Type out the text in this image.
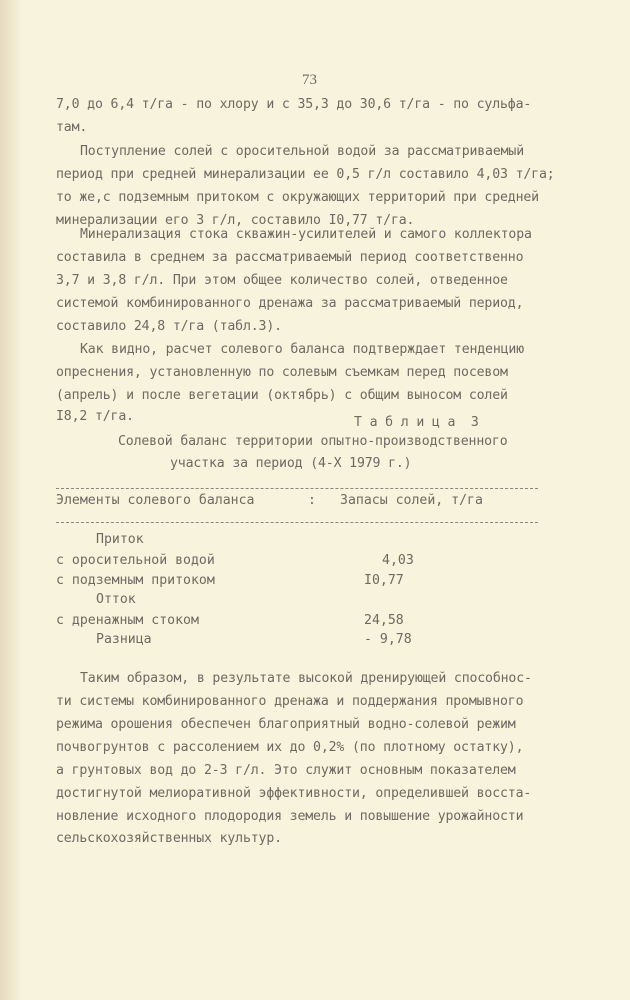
73
7,0 до 6,4 т/га - по хлору и с 35,3 до 30,6 т/га - по сульфа-
там.
Поступление солей с оросительной водой за рассматриваемый
период при средней минерализации ее 0,5 г/л составило 4,03 т/га;
то же,с подземным притоком с окружающих территорий при средней
минерализации его 3 г/л, составило I0,77 т/га.
Минерализация стока скважин-усилителей и самого коллектора
составила в среднем за рассматриваемый период соответственно
3,7 и 3,8 г/л. При этом общее количество солей, отведенное
системой комбинированного дренажа за рассматриваемый период,
составило 24,8 т/га (табл.3).
Как видно, расчет солевого баланса подтверждает тенденцию
опреснения, установленную по солевым съемкам перед посевом
(апрель) и после вегетации (октябрь) с общим выносом солей
I8,2 т/га.	Т а б л и ц а  3
Солевой баланс территории опытно-производственного
участка за период (4-X 1979 г.)
Элементы солевого баланса	: Запасы солей, т/га
Приток
с оросительной водой	4,03
с подземным притоком	I0,77
Отток
с дренажным стоком	24,58
Разница	- 9,78
Таким образом, в результате высокой дренирующей способнос-
ти системы комбинированного дренажа и поддержания промывного
режима орошения обеспечен благоприятный водно-солевой режим
почвогрунтов с рассолением их до 0,2% (по плотному остатку),
а грунтовых вод до 2-3 г/л. Это служит основным показателем
достигнутой мелиоративной эффективности, определившей восста-
новление исходного плодородия земель и повышение урожайности
сельскохозяйственных культур.
